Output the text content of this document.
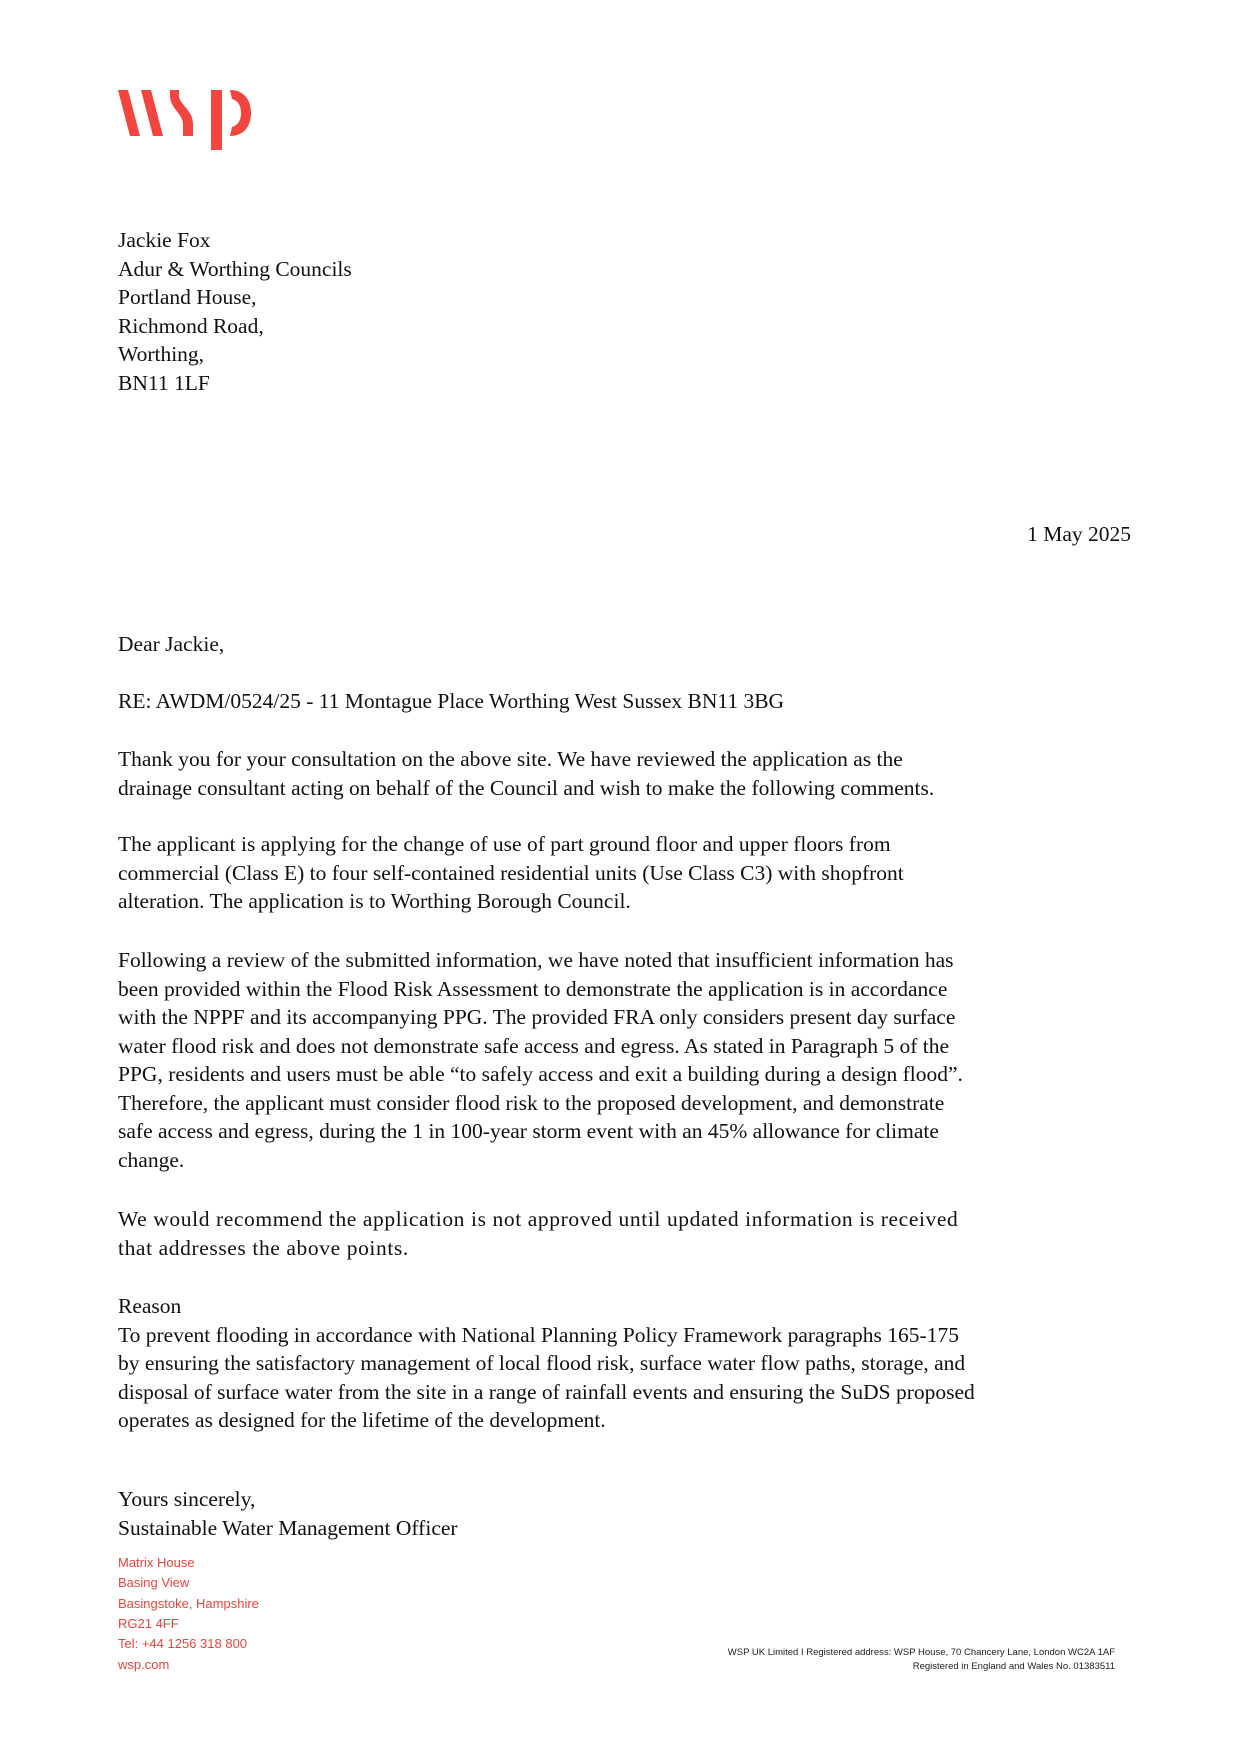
Jackie Fox
Adur & Worthing Councils
Portland House,
Richmond Road,
Worthing,
BN11 1LF
1 May 2025
Dear Jackie,
RE: AWDM/0524/25 - 11 Montague Place Worthing West Sussex BN11 3BG
Thank you for your consultation on the above site. We have reviewed the application as the
drainage consultant acting on behalf of the Council and wish to make the following comments.
The applicant is applying for the change of use of part ground floor and upper floors from
commercial (Class E) to four self-contained residential units (Use Class C3) with shopfront
alteration. The application is to Worthing Borough Council.
Following a review of the submitted information, we have noted that insufficient information has
been provided within the Flood Risk Assessment to demonstrate the application is in accordance
with the NPPF and its accompanying PPG. The provided FRA only considers present day surface
water flood risk and does not demonstrate safe access and egress. As stated in Paragraph 5 of the
PPG, residents and users must be able “to safely access and exit a building during a design flood”.
Therefore, the applicant must consider flood risk to the proposed development, and demonstrate
safe access and egress, during the 1 in 100-year storm event with an 45% allowance for climate
change.
We would recommend the application is not approved until updated information is received
that addresses the above points.
Reason
To prevent flooding in accordance with National Planning Policy Framework paragraphs 165-175
by ensuring the satisfactory management of local flood risk, surface water flow paths, storage, and
disposal of surface water from the site in a range of rainfall events and ensuring the SuDS proposed
operates as designed for the lifetime of the development.
Yours sincerely,
Sustainable Water Management Officer
Matrix House
Basing View
Basingstoke, Hampshire
RG21 4FF
Tel: +44 1256 318 800
wsp.com
WSP UK Limited I Registered address: WSP House, 70 Chancery Lane, London WC2A 1AF
Registered in England and Wales No. 01383511
